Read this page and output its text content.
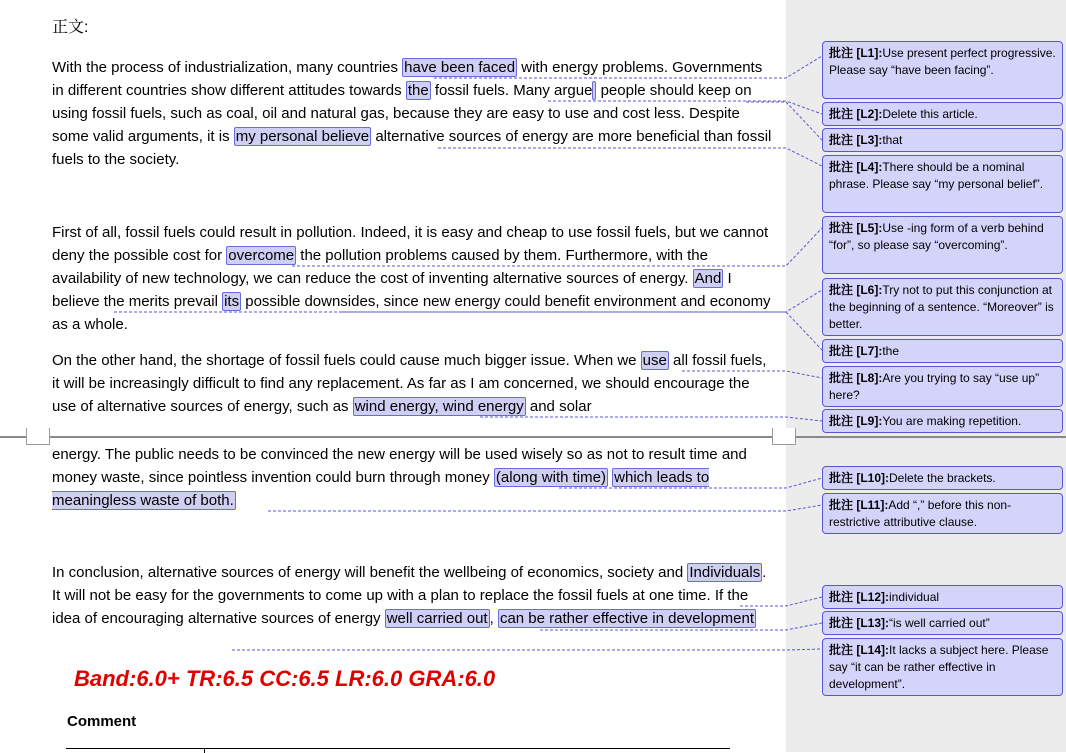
正文:

With the process of industrialization, many countries have been faced with energy problems. Governments in different countries show different attitudes towards the fossil fuels. Many argue people should keep on using fossil fuels, such as coal, oil and natural gas, because they are easy to use and cost less. Despite some valid arguments, it is my personal believe alternative sources of energy are more beneficial than fossil fuels to the society.

First of all, fossil fuels could result in pollution. Indeed, it is easy and cheap to use fossil fuels, but we cannot deny the possible cost for overcome the pollution problems caused by them. Furthermore, with the availability of new technology, we can reduce the cost of inventing alternative sources of energy. And I believe the merits prevail its possible downsides, since new energy could benefit environment and economy as a whole.

On the other hand, the shortage of fossil fuels could cause much bigger issue. When we use all fossil fuels, it will be increasingly difficult to find any replacement. As far as I am concerned, we should encourage the use of alternative sources of energy, such as wind energy, wind energy and solar

energy. The public needs to be convinced the new energy will be used wisely so as not to result time and money waste, since pointless invention could burn through money (along with time) which leads to meaningless waste of both.

In conclusion, alternative sources of energy will benefit the wellbeing of economics, society and Individuals . It will not be easy for the governments to come up with a plan to replace the fossil fuels at one time. If the idea of encouraging alternative sources of energy well carried out , can be rather effective in development

Band:6.0+ TR:6.5 CC:6.5 LR:6.0 GRA:6.0
Comment
批注 [L1]:Use present perfect progressive. Please say “have been facing”.
批注 [L2]:Delete this article.
批注 [L3]:that
批注 [L4]:There should be a nominal phrase. Please say “my personal belief”.
批注 [L5]:Use -ing form of a verb behind “for”, so please say “overcoming”.
批注 [L6]:Try not to put this conjunction at the beginning of a sentence. “Moreover” is better.
批注 [L7]:the
批注 [L8]:Are you trying to say “use up” here?
批注 [L9]:You are making repetition.
批注 [L10]:Delete the brackets.
批注 [L11]:Add “,” before this non-restrictive attributive clause.
批注 [L12]:individual
批注 [L13]:“is well carried out”
批注 [L14]:It lacks a subject here. Please say “it can be rather effective in development”.
